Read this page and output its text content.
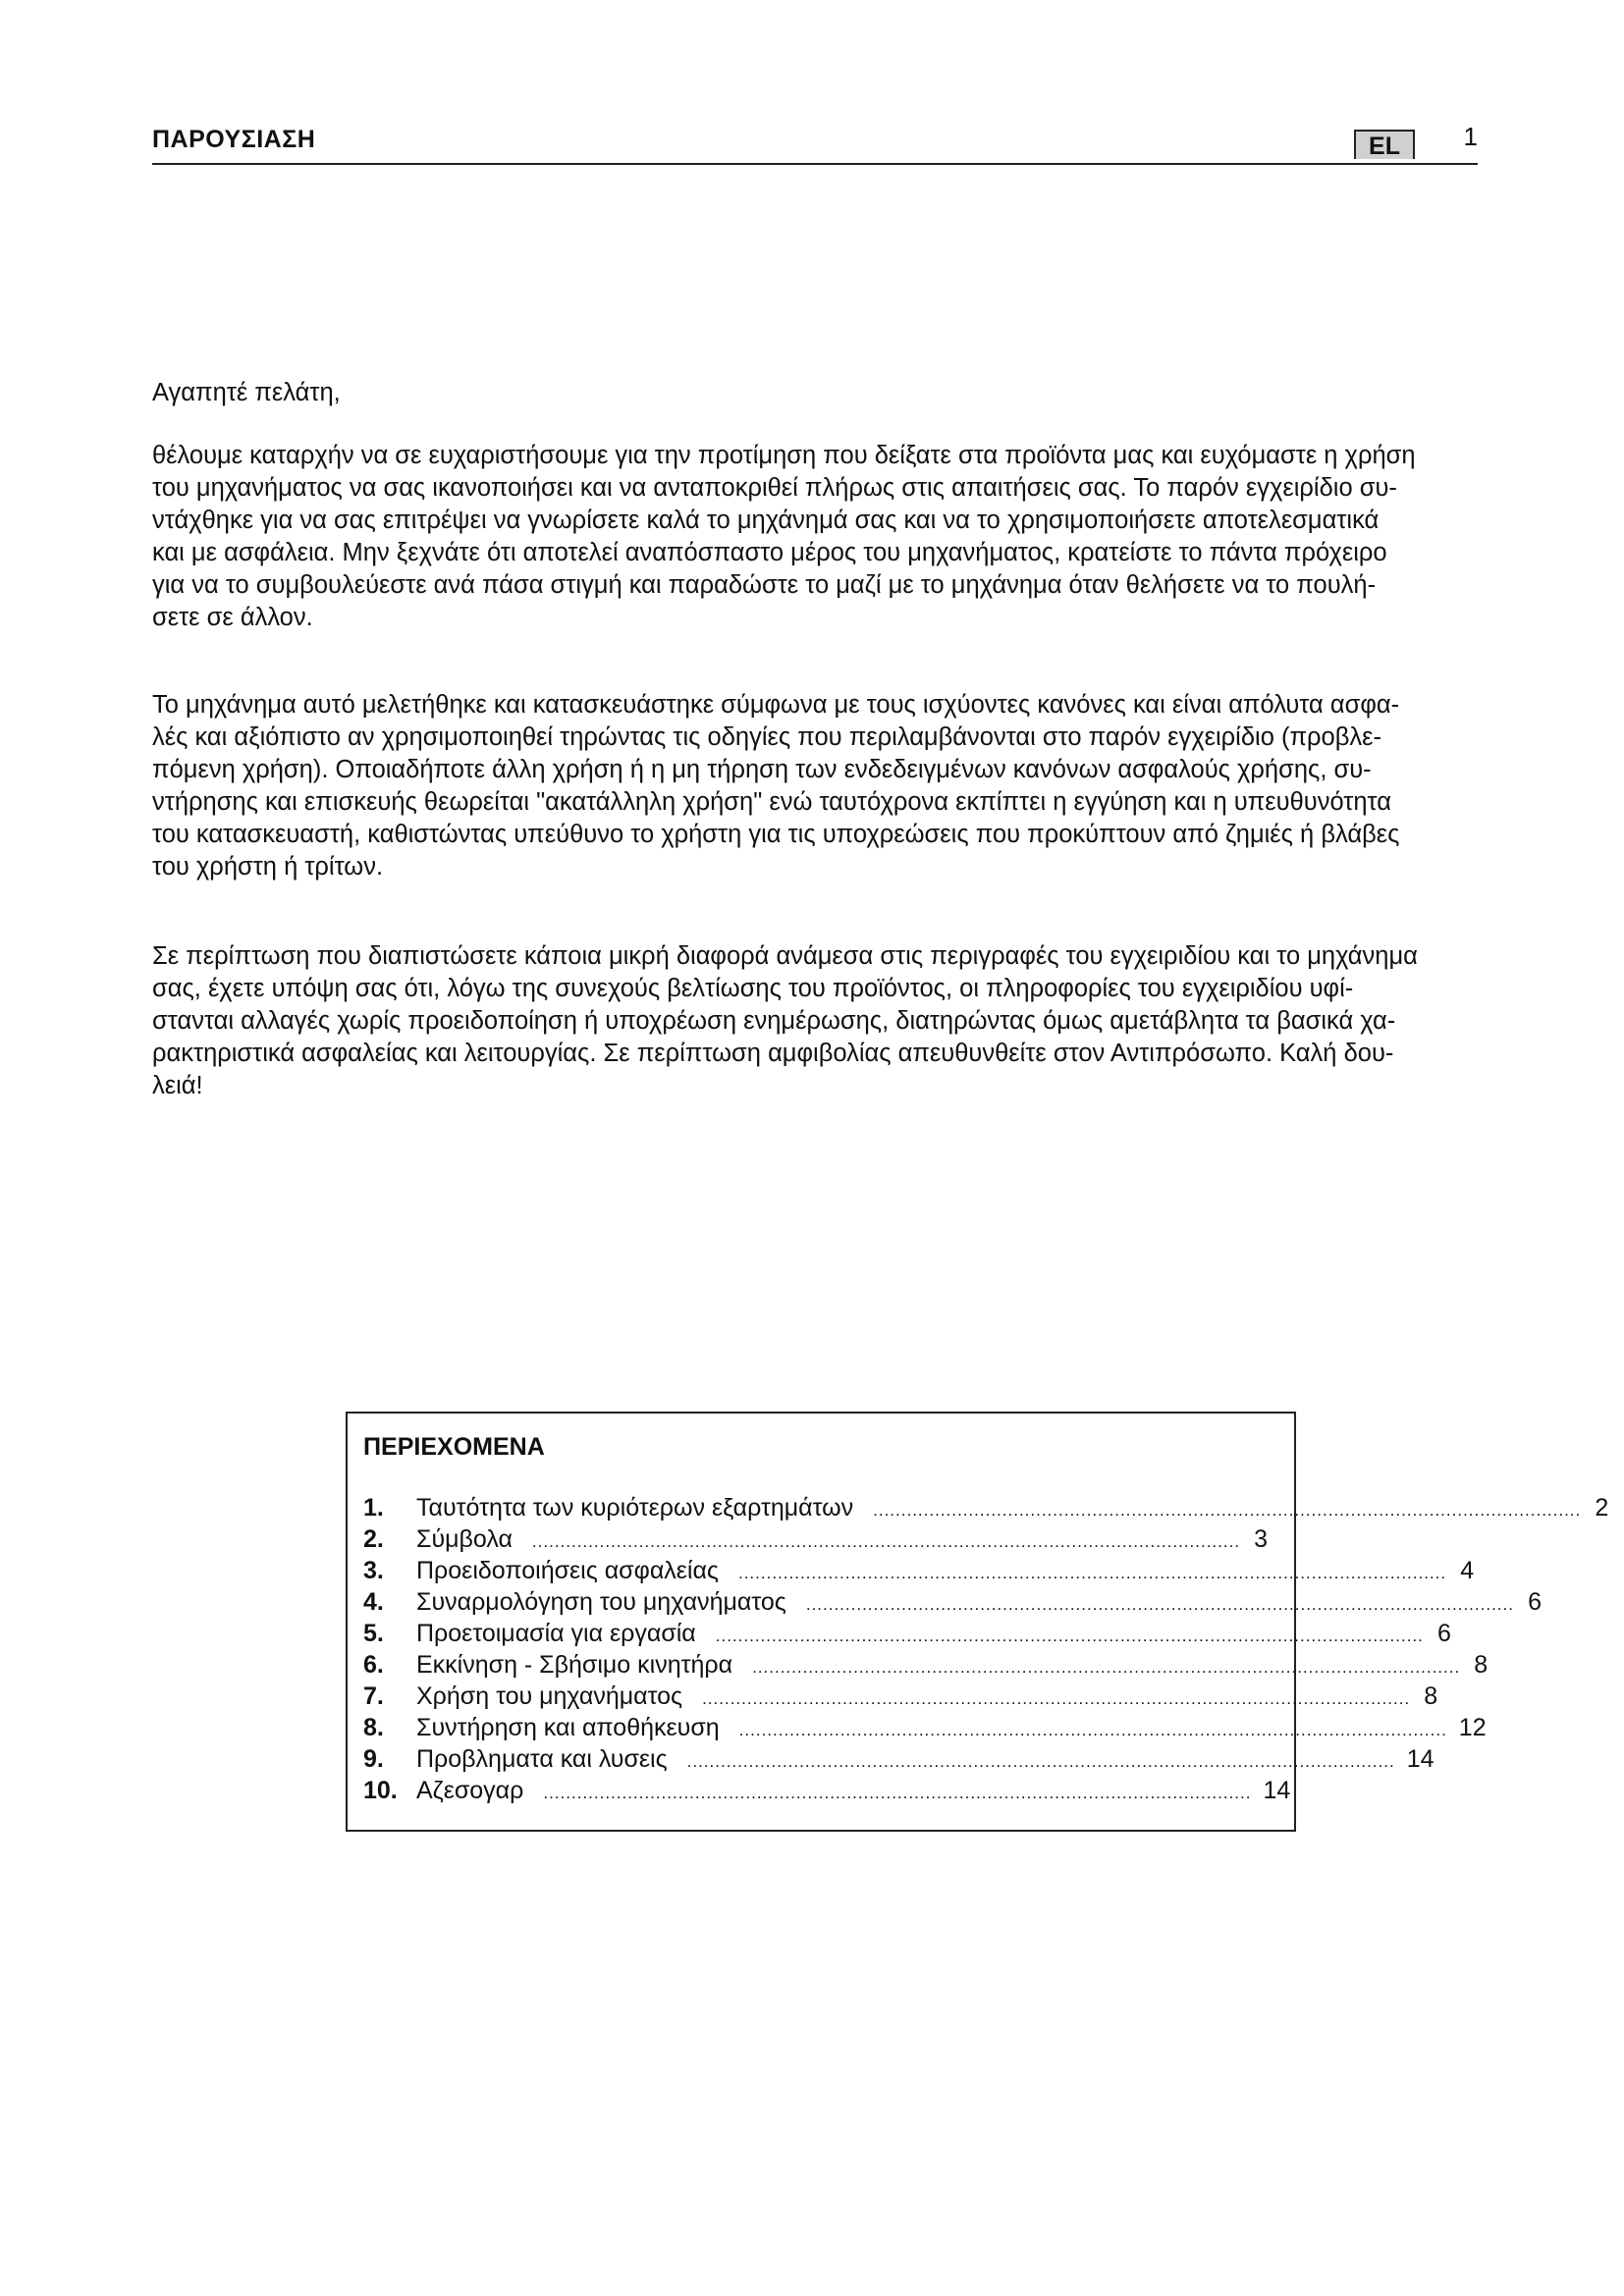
ΠΑΡΟΥΣΙΑΣΗ	EL	1

Αγαπητέ πελάτη,

θέλουμε καταρχήν να σε ευχαριστήσουμε για την προτίμηση που δείξατε στα προϊόντα μας και ευχόμαστε η χρήση
του μηχανήματος να σας ικανοποιήσει και να ανταποκριθεί πλήρως στις απαιτήσεις σας. Το παρόν εγχειρίδιο συ-
ντάχθηκε για να σας επιτρέψει να γνωρίσετε καλά το μηχάνημά σας και να το χρησιμοποιήσετε αποτελεσματικά
και με ασφάλεια. Μην ξεχνάτε ότι αποτελεί αναπόσπαστο μέρος του μηχανήματος, κρατείστε το πάντα πρόχειρο
για να το συμβουλεύεστε ανά πάσα στιγμή και παραδώστε το μαζί με το μηχάνημα όταν θελήσετε να το πουλή-
σετε σε άλλον.
Το μηχάνημα αυτό μελετήθηκε και κατασκευάστηκε σύμφωνα με τους ισχύοντες κανόνες και είναι απόλυτα ασφα-
λές και αξιόπιστο αν χρησιμοποιηθεί τηρώντας τις οδηγίες που περιλαμβάνονται στο παρόν εγχειρίδιο (προβλε-
πόμενη χρήση). Οποιαδήποτε άλλη χρήση ή η μη τήρηση των ενδεδειγμένων κανόνων ασφαλούς χρήσης, συ-
ντήρησης και επισκευής θεωρείται "ακατάλληλη χρήση" ενώ ταυτόχρονα εκπίπτει η εγγύηση και η υπευθυνότητα
του κατασκευαστή, καθιστώντας υπεύθυνο το χρήστη για τις υποχρεώσεις που προκύπτουν από ζημιές ή βλάβες
του χρήστη ή τρίτων.
Σε περίπτωση που διαπιστώσετε κάποια μικρή διαφορά ανάμεσα στις περιγραφές του εγχειριδίου και το μηχάνημα
σας, έχετε υπόψη σας ότι, λόγω της συνεχούς βελτίωσης του προϊόντος, οι πληροφορίες του εγχειριδίου υφί-
στανται αλλαγές χωρίς προειδοποίηση ή υποχρέωση ενημέρωσης, διατηρώντας όμως αμετάβλητα τα βασικά χα-
ρακτηριστικά ασφαλείας και λειτουργίας. Σε περίπτωση αμφιβολίας απευθυνθείτε στον Αντιπρόσωπο. Καλή δου-
λειά!
ΠΕΡΙΕΧΟΜΕΝΑ
1.	Ταυτότητα των κυριότερων εξαρτημάτων .............................................................................................................................. 2
2.	Σύμβολα .............................................................................................................................. 3
3.	Προειδοποιήσεις ασφαλείας .............................................................................................................................. 4
4.	Συναρμολόγηση του μηχανήματος .............................................................................................................................. 6
5.	Προετοιμασία για εργασία .............................................................................................................................. 6
6.	Εκκίνηση - Σβήσιμο κινητήρα .............................................................................................................................. 8
7.	Χρήση του μηχανήματος .............................................................................................................................. 8
8.	Συντήρηση και αποθήκευση .............................................................................................................................. 12
9.	Προβληματα και λυσεις .............................................................................................................................. 14
10. Αζεσογαρ .............................................................................................................................. 14
